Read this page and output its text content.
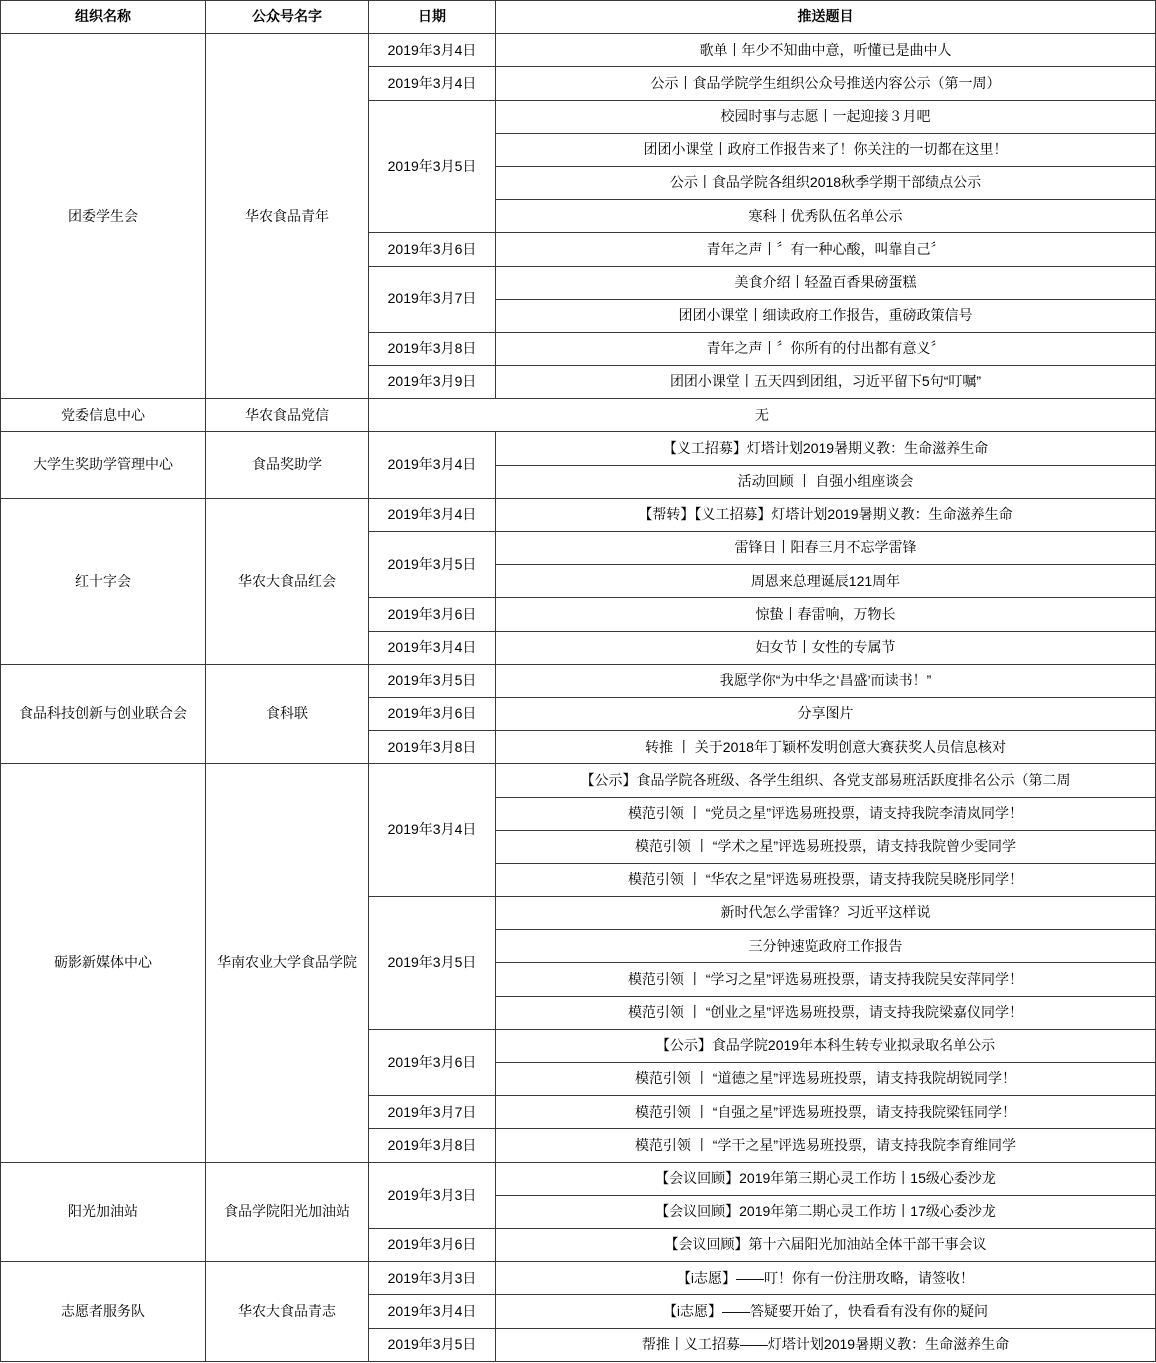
组织名称	公众号名字	日期	推送题目
团委学生会	华农食品青年	2019年3月4日	歌单丨年少不知曲中意，听懂已是曲中人
		2019年3月4日	公示丨食品学院学生组织公众号推送内容公示（第一周）
		2019年3月5日	校园时事与志愿丨一起迎接３月吧
			团团小课堂丨政府工作报告来了！你关注的一切都在这里！
			公示丨食品学院各组织2018秋季学期干部绩点公示
			寒科丨优秀队伍名单公示
		2019年3月6日	青年之声丨〞有一种心酸，叫靠自己〞
		2019年3月7日	美食介绍丨轻盈百香果磅蛋糕
			团团小课堂丨细读政府工作报告，重磅政策信号
		2019年3月8日	青年之声丨〞你所有的付出都有意义〞
		2019年3月9日	团团小课堂丨五天四到团组，习近平留下5句“叮嘱”
党委信息中心	华农食品党信	无	
大学生奖助学管理中心	食品奖助学	2019年3月4日	【义工招募】灯塔计划2019暑期义教：生命滋养生命
			活动回顾 丨 自强小组座谈会
红十字会	华农大食品红会	2019年3月4日	【帮转】【义工招募】灯塔计划2019暑期义教：生命滋养生命
		2019年3月5日	雷锋日丨阳春三月不忘学雷锋
			周恩来总理诞辰121周年
		2019年3月6日	惊蛰丨春雷响，万物长
		2019年3月4日	妇女节丨女性的专属节
食品科技创新与创业联合会	食科联	2019年3月5日	我愿学你“为中华之‘昌盛’而读书！”
		2019年3月6日	分享图片
		2019年3月8日	转推 丨 关于2018年丁颖杯发明创意大赛获奖人员信息核对
砺影新媒体中心	华南农业大学食品学院	2019年3月4日	【公示】食品学院各班级、各学生组织、各党支部易班活跃度排名公示（第二周
			模范引领 丨 “党员之星”评选易班投票，请支持我院李清岚同学！
			模范引领 丨 “学术之星”评选易班投票，请支持我院曾少雯同学
			模范引领 丨 “华农之星”评选易班投票，请支持我院吴晓彤同学！
		2019年3月5日	新时代怎么学雷锋？习近平这样说
			三分钟速览政府工作报告
			模范引领 丨 “学习之星”评选易班投票，请支持我院吴安萍同学！
			模范引领 丨 “创业之星”评选易班投票，请支持我院梁嘉仪同学！
		2019年3月6日	【公示】食品学院2019年本科生转专业拟录取名单公示
			模范引领 丨 “道德之星”评选易班投票，请支持我院胡锐同学！
		2019年3月7日	模范引领 丨 “自强之星”评选易班投票，请支持我院梁钰同学！
		2019年3月8日	模范引领 丨 “学干之星”评选易班投票，请支持我院李育维同学
阳光加油站	食品学院阳光加油站	2019年3月3日	【会议回顾】2019年第三期心灵工作坊丨15级心委沙龙
			【会议回顾】2019年第二期心灵工作坊丨17级心委沙龙
		2019年3月6日	【会议回顾】第十六届阳光加油站全体干部干事会议
志愿者服务队	华农大食品青志	2019年3月3日	【i志愿】——叮！你有一份注册攻略，请签收！
		2019年3月4日	【i志愿】——答疑要开始了，快看看有没有你的疑问
		2019年3月5日	帮推丨义工招募——灯塔计划2019暑期义教：生命滋养生命
